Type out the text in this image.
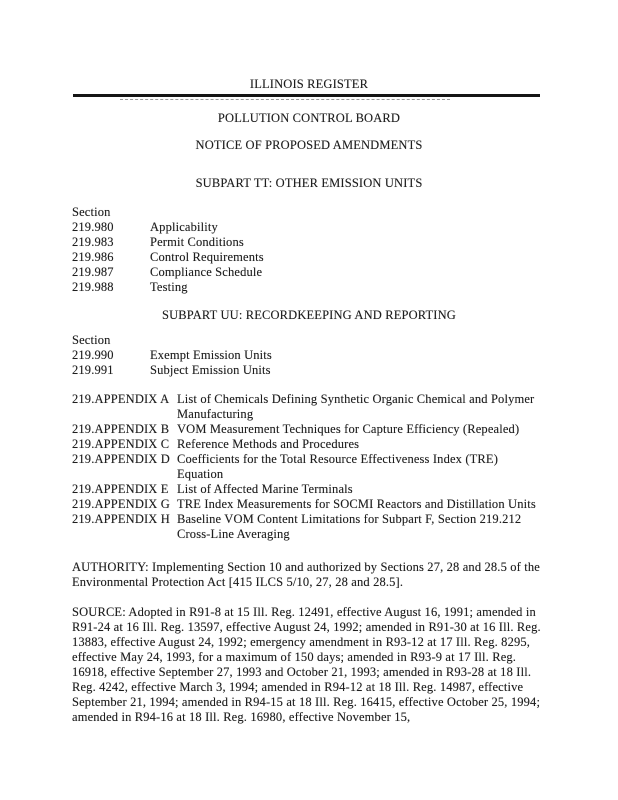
ILLINOIS REGISTER
POLLUTION CONTROL BOARD
NOTICE OF PROPOSED AMENDMENTS
SUBPART TT: OTHER EMISSION UNITS
Section
219.980	Applicability
219.983	Permit Conditions
219.986	Control Requirements
219.987	Compliance Schedule
219.988	Testing
SUBPART UU: RECORDKEEPING AND REPORTING
Section
219.990	Exempt Emission Units
219.991	Subject Emission Units
219.APPENDIX A List of Chemicals Defining Synthetic Organic Chemical and Polymer Manufacturing
219.APPENDIX B VOM Measurement Techniques for Capture Efficiency (Repealed)
219.APPENDIX C Reference Methods and Procedures
219.APPENDIX D Coefficients for the Total Resource Effectiveness Index (TRE) Equation
219.APPENDIX E List of Affected Marine Terminals
219.APPENDIX G TRE Index Measurements for SOCMI Reactors and Distillation Units
219.APPENDIX H Baseline VOM Content Limitations for Subpart F, Section 219.212 Cross-Line Averaging
AUTHORITY: Implementing Section 10 and authorized by Sections 27, 28 and 28.5 of the Environmental Protection Act [415 ILCS 5/10, 27, 28 and 28.5].
SOURCE: Adopted in R91-8 at 15 Ill. Reg. 12491, effective August 16, 1991; amended in R91-24 at 16 Ill. Reg. 13597, effective August 24, 1992; amended in R91-30 at 16 Ill. Reg. 13883, effective August 24, 1992; emergency amendment in R93-12 at 17 Ill. Reg. 8295, effective May 24, 1993, for a maximum of 150 days; amended in R93-9 at 17 Ill. Reg. 16918, effective September 27, 1993 and October 21, 1993; amended in R93-28 at 18 Ill. Reg. 4242, effective March 3, 1994; amended in R94-12 at 18 Ill. Reg. 14987, effective September 21, 1994; amended in R94-15 at 18 Ill. Reg. 16415, effective October 25, 1994; amended in R94-16 at 18 Ill. Reg. 16980, effective November 15,
